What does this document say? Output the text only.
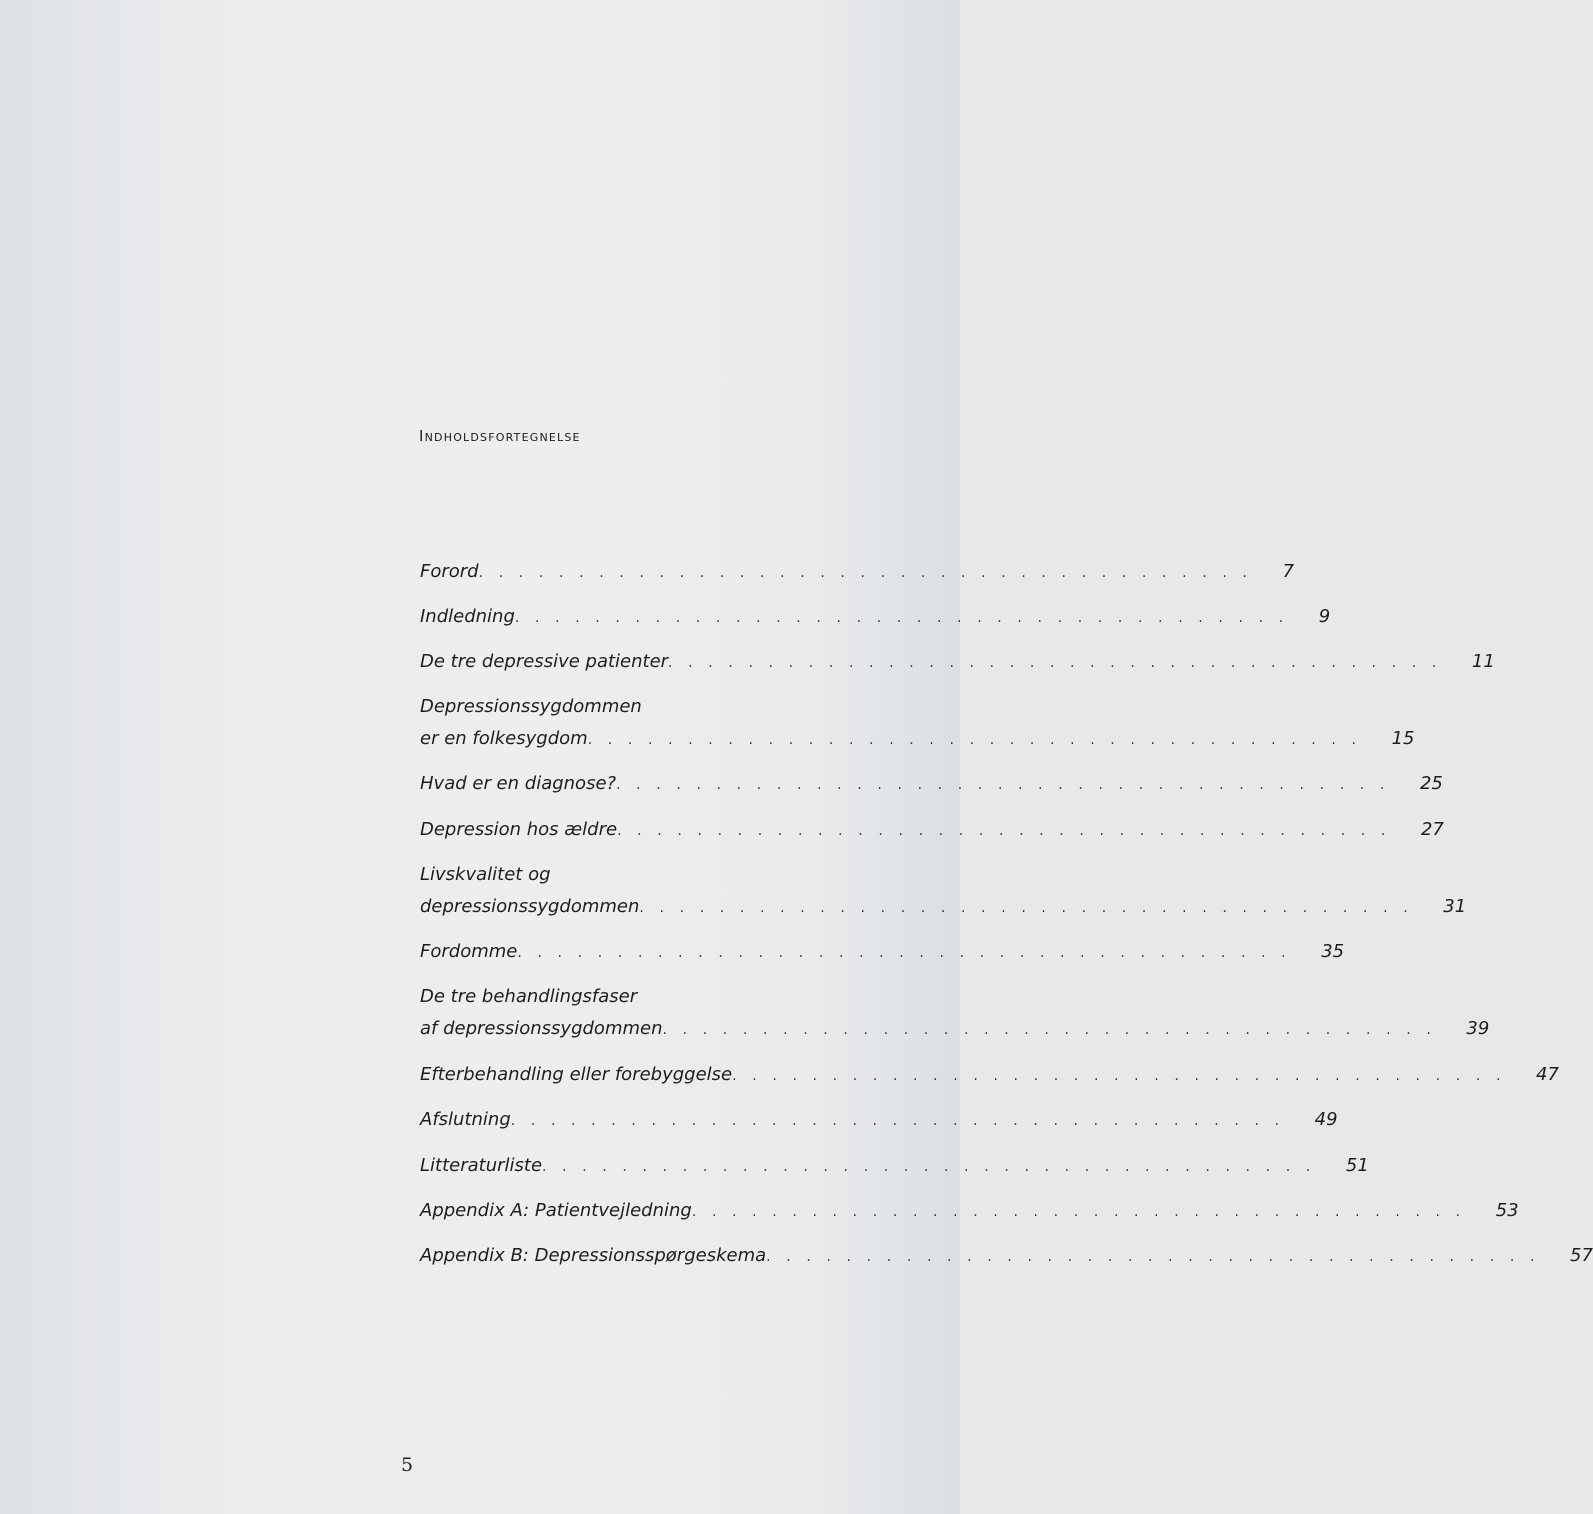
Indholdsfortegnelse
Forord . . . . . . . . . . . . . . . . . . . . . . . . . . . . . . . . . . . . . . . 7
Indledning . . . . . . . . . . . . . . . . . . . . . . . . . . . . . . . . . . . . . . . 9
De tre depressive patienter . . . . . . . . . . . . . . . . . . . . . . . . . . . . . . . . . . . . . . . 11
Depressionssygdommen
er en folkesygdom . . . . . . . . . . . . . . . . . . . . . . . . . . . . . . . . . . . . . . . 15
Hvad er en diagnose? . . . . . . . . . . . . . . . . . . . . . . . . . . . . . . . . . . . . . . . 25
Depression hos ældre . . . . . . . . . . . . . . . . . . . . . . . . . . . . . . . . . . . . . . . 27
Livskvalitet og
depressionssygdommen . . . . . . . . . . . . . . . . . . . . . . . . . . . . . . . . . . . . . . . 31
Fordomme . . . . . . . . . . . . . . . . . . . . . . . . . . . . . . . . . . . . . . . 35
De tre behandlingsfaser
af depressionssygdommen . . . . . . . . . . . . . . . . . . . . . . . . . . . . . . . . . . . . . . . 39
Efterbehandling eller forebyggelse . . . . . . . . . . . . . . . . . . . . . . . . . . . . . . . . . . . . . . . 47
Afslutning . . . . . . . . . . . . . . . . . . . . . . . . . . . . . . . . . . . . . . . 49
Litteraturliste . . . . . . . . . . . . . . . . . . . . . . . . . . . . . . . . . . . . . . . 51
Appendix A: Patientvejledning . . . . . . . . . . . . . . . . . . . . . . . . . . . . . . . . . . . . . . . 53
Appendix B: Depressionsspørgeskema . . . . . . . . . . . . . . . . . . . . . . . . . . . . . . . . . . . . . . . 57
5
